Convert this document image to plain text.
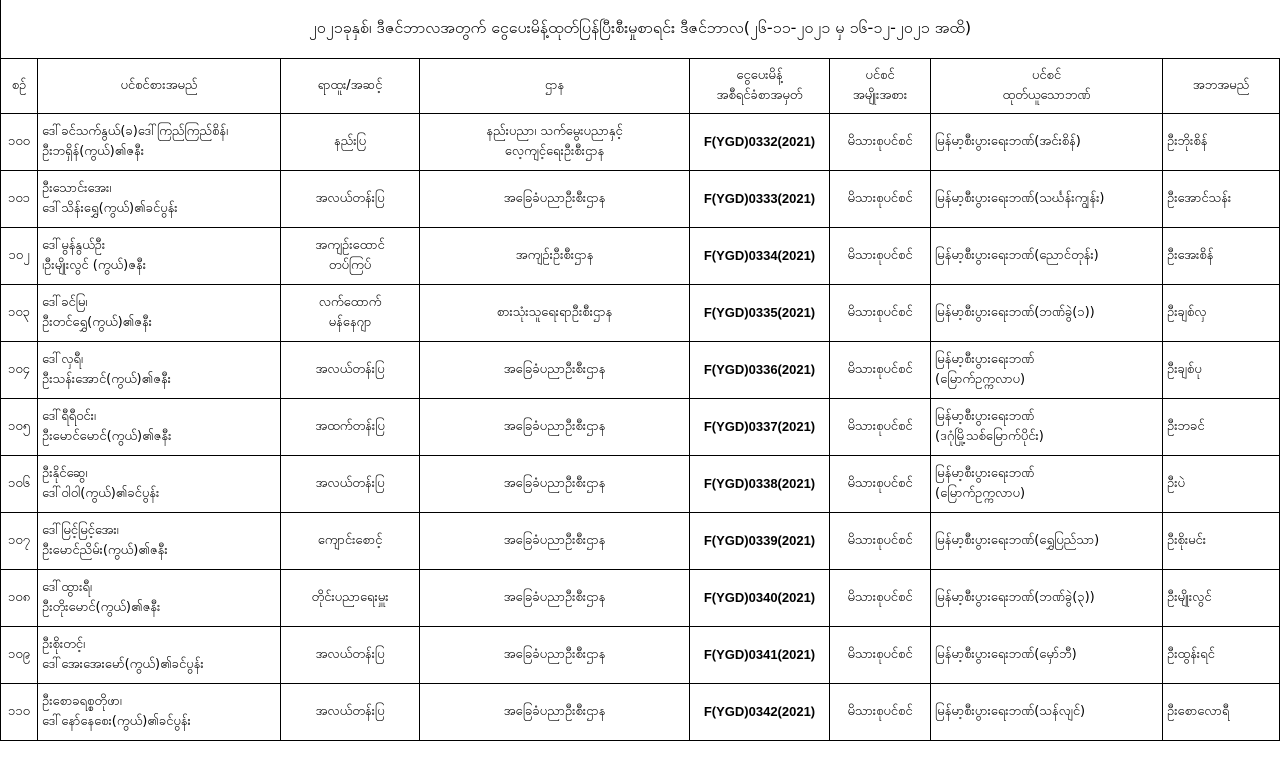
၂၀၂၁ခုနှစ်၊ ဒီဇင်ဘာလအတွက် ငွေပေးမိန့်ထုတ်ပြန်ပြီးစီးမှုစာရင်း ဒီဇင်ဘာလ(၂၆-၁၁-၂၀၂၁ မှ ၁၆-၁၂-၂၀၂၁ အထိ)
စဉ်	ပင်စင်စားအမည်	ရာထူး/အဆင့်	ဌာန	ငွေပေးမိန့်
အစီရင်ခံစာအမှတ်	ပင်စင်
အမျိုးအစား	ပင်စင်
ထုတ်ယူသောဘဏ်	အဘအမည်

၁၀၀	ဒေါ်ခင်သက်နွယ်(ခ)ဒေါ်ကြည်ကြည်စိန်၊
ဦးဘရှိန်(ကွယ်)၏ဇနီး	နည်းပြ	နည်းပညာ၊ သက်မွေးပညာနှင့်
လေ့ကျင့်ရေးဦးစီးဌာန	F(YGD)0332(2021)	မိသားစုပင်စင်	မြန်မာ့စီးပွားရေးဘဏ်(အင်းစိန်)	ဦးဘိုးစိန်
၁၀၁	ဦးသောင်းအေး၊
ဒေါ်သိန်းရွှေ(ကွယ်)၏ခင်ပွန်း	အလယ်တန်းပြ	အခြေခံပညာဦးစီးဌာန	F(YGD)0333(2021)	မိသားစုပင်စင်	မြန်မာ့စီးပွားရေးဘဏ်(သင်္ဃန်းကျွန်း)	ဦးအောင်သန်း
၁၀၂	ဒေါ်မွန်နွယ်ဦး
၊ဦးမျိုးလွင် (ကွယ်)ဇနီး	အကျဉ်းထောင်
တပ်ကြပ်	အကျဉ်းဦးစီးဌာန	F(YGD)0334(2021)	မိသားစုပင်စင်	မြန်မာ့စီးပွားရေးဘဏ်(ညောင်တုန်း)	ဦးအေးစိန်
၁၀၃	ဒေါ်ခင်မြ၊
ဦးတင်ရွှေ(ကွယ်)၏ဇနီး	လက်ထောက်
မန်နေဂျာ	စားသုံးသူရေးရာဦးစီးဌာန	F(YGD)0335(2021)	မိသားစုပင်စင်	မြန်မာ့စီးပွားရေးဘဏ်(ဘဏ်ခွဲ(၁))	ဦးချစ်လှ
၁၀၄	ဒေါ်လှရီ၊
ဦးသန်းအောင်(ကွယ်)၏ဇနီး	အလယ်တန်းပြ	အခြေခံပညာဦးစီးဌာန	F(YGD)0336(2021)	မိသားစုပင်စင်	မြန်မာ့စီးပွားရေးဘဏ်
(မြောက်ဥက္ကလာပ)	ဦးချစ်ပု
၁၀၅	ဒေါ်ရီရီဝင်း၊
ဦးမောင်မောင်(ကွယ်)၏ဇနီး	အထက်တန်းပြ	အခြေခံပညာဦးစီးဌာန	F(YGD)0337(2021)	မိသားစုပင်စင်	မြန်မာ့စီးပွားရေးဘဏ်
(ဒဂုံမြို့သစ်မြောက်ပိုင်း)	ဦးဘခင်
၁၀၆	ဦးနိုင်ဆွေ၊
ဒေါ်ဝါဝါ(ကွယ်)၏ခင်ပွန်း	အလယ်တန်းပြ	အခြေခံပညာဦးစီးဌာန	F(YGD)0338(2021)	မိသားစုပင်စင်	မြန်မာ့စီးပွားရေးဘဏ်
(မြောက်ဥက္ကလာပ)	ဦးပဲ
၁၀၇	ဒေါ်မြင့်မြင့်အေး၊
ဦးမောင်ညိမ်း(ကွယ်)၏ဇနီး	ကျောင်းစောင့်	အခြေခံပညာဦးစီးဌာန	F(YGD)0339(2021)	မိသားစုပင်စင်	မြန်မာ့စီးပွားရေးဘဏ်(ရွှေပြည်သာ)	ဦးစိုးမင်း
၁၀၈	ဒေါ်ထွားရီ၊
ဦးတိုးမောင်(ကွယ်)၏ဇနီး	တိုင်းပညာရေးမှူး	အခြေခံပညာဦးစီးဌာန	F(YGD)0340(2021)	မိသားစုပင်စင်	မြန်မာ့စီးပွားရေးဘဏ်(ဘဏ်ခွဲ(၃))	ဦးမျိုးလွင်
၁၀၉	ဦးစိုးတင့်၊
ဒေါ်အေးအေးမော်(ကွယ်)၏ခင်ပွန်း	အလယ်တန်းပြ	အခြေခံပညာဦးစီးဌာန	F(YGD)0341(2021)	မိသားစုပင်စင်	မြန်မာ့စီးပွားရေးဘဏ်(မှော်ဘီ)	ဦးထွန်းရင်
၁၁၀	ဦးစောခရစ္စတိုဖာ၊
ဒေါ်နော်နေစေး(ကွယ်)၏ခင်ပွန်း	အလယ်တန်းပြ	အခြေခံပညာဦးစီးဌာန	F(YGD)0342(2021)	မိသားစုပင်စင်	မြန်မာ့စီးပွားရေးဘဏ်(သန်လျင်)	ဦးစောလောရီ
